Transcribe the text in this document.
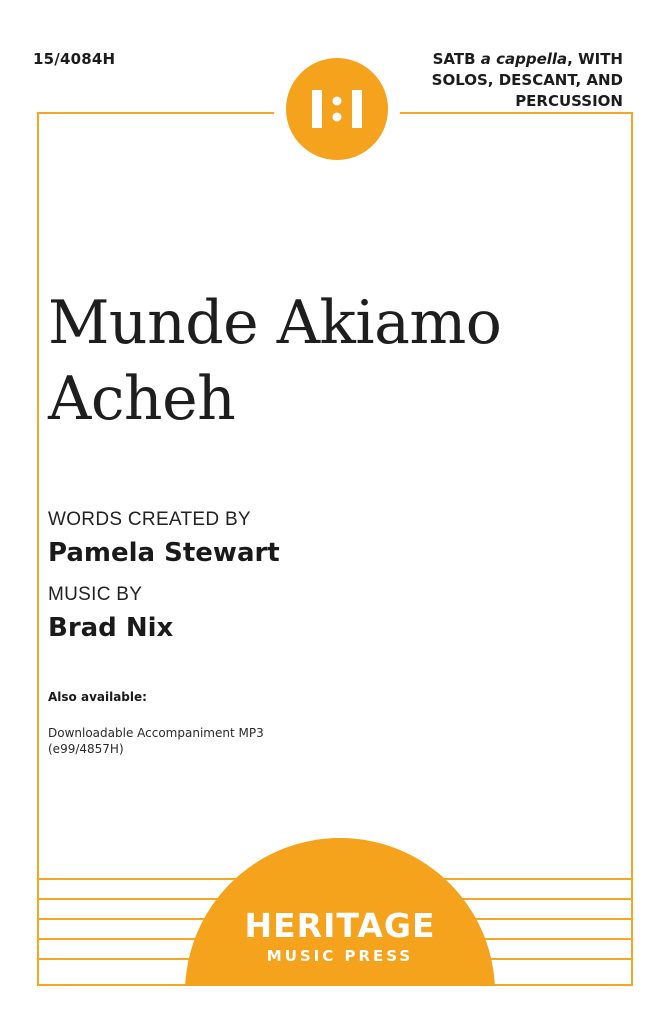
15/4084H	SATB a cappella, WITH
SOLOS, DESCANT, AND
PERCUSSION
Munde Akiamo
Acheh
WORDS CREATED BY
Pamela Stewart
MUSIC BY
Brad Nix
Also available:
Downloadable Accompaniment MP3
(e99/4857H)
HERITAGE
MUSIC PRESS
